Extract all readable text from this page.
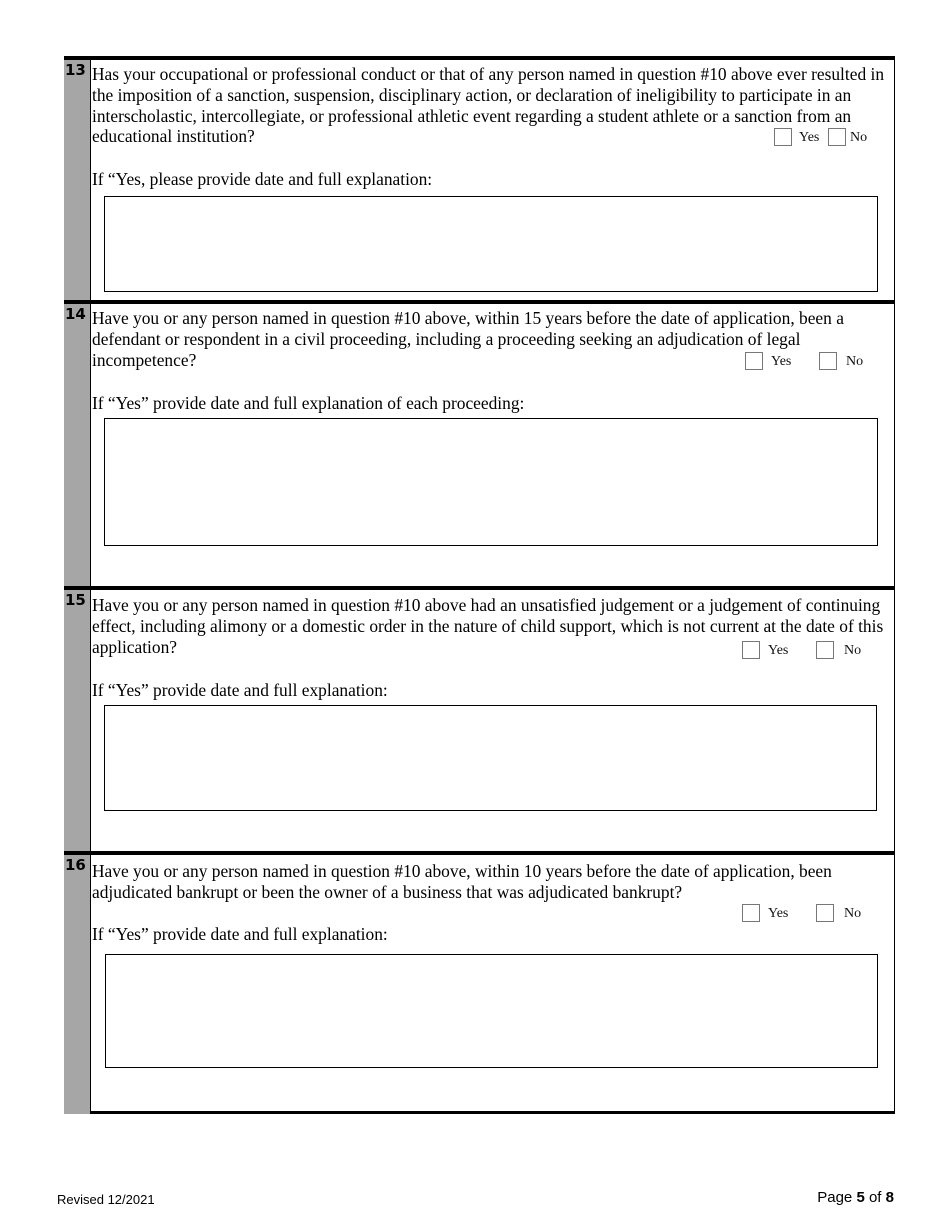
13 Has your occupational or professional conduct or that of any person named in question #10 above ever resulted in the imposition of a sanction, suspension, disciplinary action, or declaration of ineligibility to participate in an interscholastic, intercollegiate, or professional athletic event regarding a student athlete or a sanction from an educational institution?	Yes No
If “Yes, please provide date and full explanation:
14 Have you or any person named in question #10 above, within 15 years before the date of application, been a defendant or respondent in a civil proceeding, including a proceeding seeking an adjudication of legal incompetence?	Yes	No
If “Yes” provide date and full explanation of each proceeding:
15 Have you or any person named in question #10 above had an unsatisfied judgement or a judgement of continuing effect, including alimony or a domestic order in the nature of child support, which is not current at the date of this application?	Yes	No
If “Yes” provide date and full explanation:
16 Have you or any person named in question #10 above, within 10 years before the date of application, been adjudicated bankrupt or been the owner of a business that was adjudicated bankrupt?
Yes	No
If “Yes” provide date and full explanation:
Revised 12/2021	Page 5 of 8
